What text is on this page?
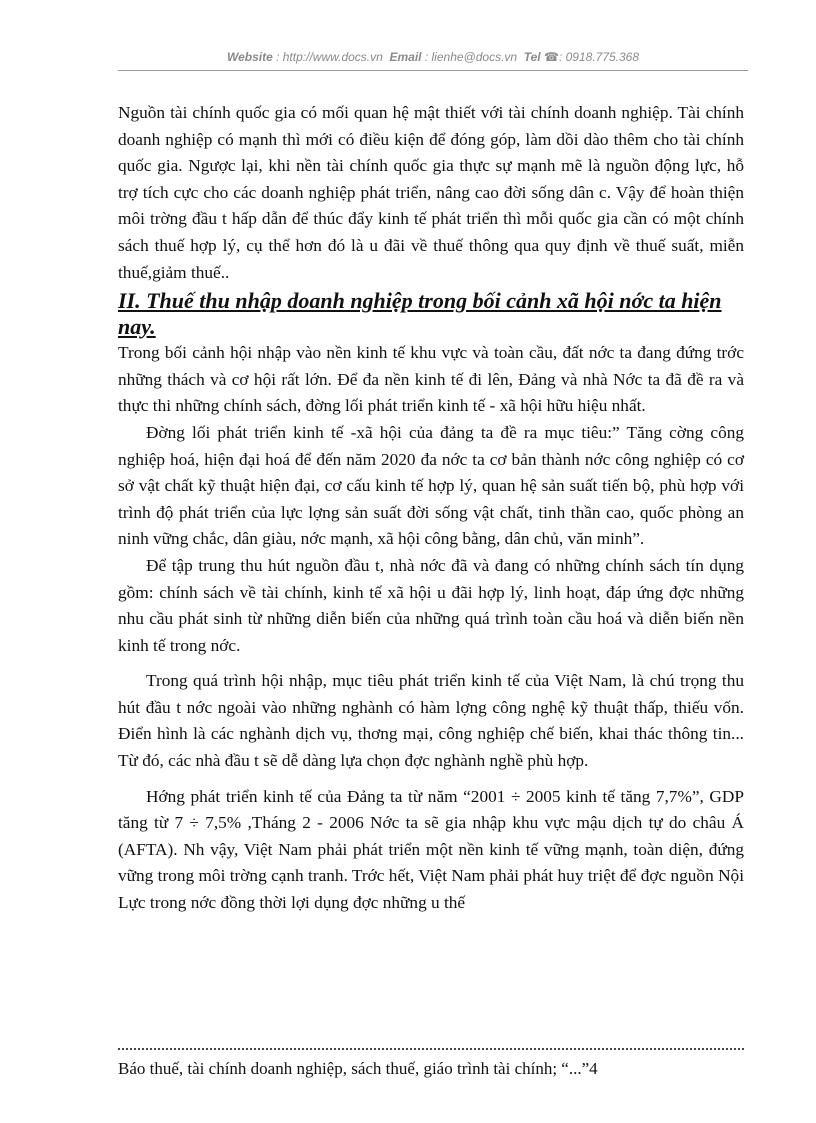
Website : http://www.docs.vn Email : lienhe@docs.vn Tel ☎: 0918.775.368

Nguồn tài chính quốc gia có mối quan hệ mật thiết với tài chính doanh nghiệp. Tài chính doanh nghiệp có mạnh thì mới có điều kiện để đóng góp, làm dồi dào thêm cho tài chính quốc gia. Ngược lại, khi nền tài chính quốc gia thực sự mạnh mẽ là nguồn động lực, hỗ trợ tích cực cho các doanh nghiệp phát triển, nâng cao đời sống dân c. Vậy để hoàn thiện môi trờng đầu t hấp dẫn để thúc đẩy kinh tế phát triển thì mỗi quốc gia cần có một chính sách thuế hợp lý, cụ thể hơn đó là u đãi về thuế thông qua quy định về thuế suất, miễn thuế,giảm thuế..

II. Thuế thu nhập doanh nghiệp trong bối cảnh xã hội nớc ta hiện nay.

Trong bối cảnh hội nhập vào nền kinh tế khu vực và toàn cầu, đất nớc ta đang đứng trớc những thách và cơ hội rất lớn. Để đa nền kinh tế đi lên, Đảng và nhà Nớc ta đã đề ra và thực thi những chính sách, đờng lối phát triển kinh tế - xã hội hữu hiệu nhất.

Đờng lối phát triển kinh tế -xã hội của đảng ta đề ra mục tiêu:” Tăng cờng công nghiệp hoá, hiện đại hoá để đến năm 2020 đa nớc ta cơ bản thành nớc công nghiệp có cơ sở vật chất kỹ thuật hiện đại, cơ cấu kinh tế hợp lý, quan hệ sản suất tiến bộ, phù hợp với trình độ phát triển của lực lợng sản suất đời sống vật chất, tinh thần cao, quốc phòng an ninh vững chắc, dân giàu, nớc mạnh, xã hội công bằng, dân chủ, văn minh”.

Để tập trung thu hút nguồn đầu t, nhà nớc đã và đang có những chính sách tín dụng gồm: chính sách về tài chính, kinh tế xã hội u đãi hợp lý, linh hoạt, đáp ứng đợc những nhu cầu phát sinh từ những diễn biến của những quá trình toàn cầu hoá và diễn biến nền kinh tế trong nớc.

Trong quá trình hội nhập, mục tiêu phát triển kinh tế của Việt Nam, là chú trọng thu hút đầu t nớc ngoài vào những nghành có hàm lợng công nghệ kỹ thuật thấp, thiếu vốn. Điển hình là các nghành dịch vụ, thơng mại, công nghiệp chế biến, khai thác thông tin... Từ đó, các nhà đầu t sẽ dễ dàng lựa chọn đợc nghành nghề phù hợp.

Hớng phát triển kinh tế của Đảng ta từ năm “2001 ÷ 2005 kinh tế tăng 7,7%”, GDP tăng từ 7 ÷ 7,5% ,Tháng 2 - 2006 Nớc ta sẽ gia nhập khu vực mậu dịch tự do châu Á (AFTA). Nh vậy, Việt Nam phải phát triển một nền kinh tế vững mạnh, toàn diện, đứng vững trong môi trờng cạnh tranh. Trớc hết, Việt Nam phải phát huy triệt để đợc nguồn Nội Lực trong nớc đồng thời lợi dụng đợc những u thế

Báo thuế, tài chính doanh nghiệp, sách thuế, giáo trình tài chính; “...”4
